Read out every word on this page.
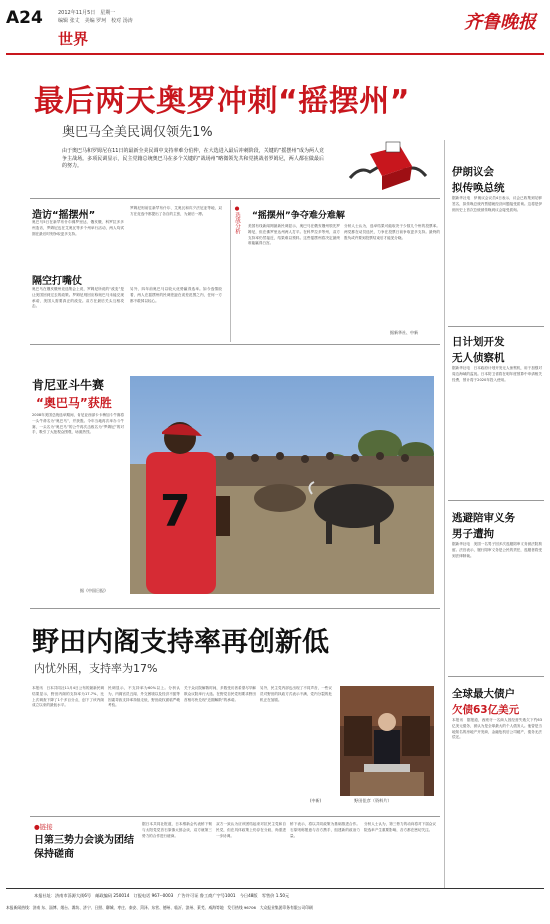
A24	2012年11月5日　星期一
编辑 张丈　美编 罗珂　校对 汤涛
世界
齐鲁晚报
最后两天奥罗冲刺“摇摆州”
奥巴马全美民调仅领先1%
由于奥巴马和罗姆尼在11日的最新全美民调中支持率难分伯仲，在大选进入最后冲刺阶段，关键的“摇摆州”成为两人竞争主战场。多项民调显示，民主党籍总统奥巴马在多个关键的“战场州”略微领先共和党挑战者罗姆尼，两人都在做最后的努力。
造访“摇摆州”
奥巴马5日在新罕布什尔佛罗里达、俄亥俄、科罗拉多多州造访，罗姆尼也在艾奥瓦等多个州举行活动，两人均试图在最后时刻争取更多支持。
罗姆尼则前往新罕布什尔、艾奥瓦和宾夕法尼亚等地，双方在竞选中都提出了各自的主张，为最后一搏。
隔空打嘴仗
奥巴马在俄亥俄州竞选集会上说，罗姆尼所说的“改变”是让美国回到过去的政策。罗姆尼则回应称奥巴马未能兑现承诺，美国人需要真正的改变。双方在最后关头互相攻击。
另外，四年前奥巴马以较大优势赢得选举。如今选情胶着，两人在摇摆州的民调差距在误差范围之内，任何一方都不敢掉以轻心。
●选战分析 “摇摆州”争夺难分难解
美国有线新闻网最新民调显示，奥巴马在俄亥俄州领先罗姆尼，但在佛罗里达州两人打平。在科罗拉多等州，双方支持率仍然接近，结果难以预料。这些摇摆州将决定最终谁能赢得白宫。
分析人士认为，选举结果可能取决于少数几个州的投票率。两党都在动员选民，力争在投票日前争取更多支持。最终的胜负或许要到投票结束后才能见分晓。
据新华社、中新
肯尼亚斗牛赛
“奥巴马”获胜
2008年美国总统选举期间，肯尼亚西部卡卡梅加斗牛赛将一头牛命名为“奥巴马”，并获胜。今年当地再次举办斗牛赛，一头名为“奥巴马”的公牛再次击败名为“罗姆尼”的对手，吸引了大批观众围观，场面热烈。
据《中国日报》
7
野田内阁支持率再创新低
内忧外困，支持率为17%
本报讯　日本共同社11月4日公布的最新民调结果显示，野田内阁的支持率为17.7%，比上次调查下降了1个多百分点，创下了该内阁成立以来的最低水平。
民调显示，不支持率为60%以上。分析认为，内阁官员丑闻、外交困境以及经济不振等因素导致支持率持续走低，野田政权面临严峻考验。
关于众议院解散时间，多数受访者希望尽早解散众议院举行大选。在野党自民党则要求野田首相尽快兑现“近期解散”的承诺。
另外，民主党内部也出现了不同声音，一些议员对野田的执政方式表示不满，党内分裂的危机正在加剧。
(中新)	野田佳彦（资料片）
●链接
日第三势力会谈为团结保持磋商
据日本共同社报道，日本维新会代表桥下彻与太阳党党首石原慎太郎会谈，双方就第三势力的合作进行磋商。
双方一致认为应该团结起来对抗民主党和自民党，但在具体政策上仍存在分歧，尚需进一步协调。
桥下表示，将以共同政策为基础推进合作。石原则称愿意与各方携手，组建新的政治力量。
分析人士认为，第三势力的动向将对下届众议院选举产生重要影响，各方都在密切关注。
伊朗议会
拟传唤总统
据新华社电　伊朗议会议员4日表示，议会已收集到足够签名，拟传唤总统内贾德就经济问题接受质询。这将是伊朗历史上首次总统被传唤到议会接受质询。
日计划开发
无人侦察机
据新华社电　日本政府计划开发无人侦察机，用于加强对周边海域的监视。日本防卫省将在明年度预算中申请相关经费，预计将于2020年投入使用。
逃避陪审义务
男子遭拘
据新华社电　美国一名男子因多次逃避陪审义务被法院拘留。法官表示，履行陪审义务是公民的责任，逃避者将受到法律制裁。
全球最大债户
欠债63亿美元
本报讯　据报道，西班牙一名商人因经营失败欠下约63亿美元债务，被认为是全球最大的个人债务人。他曾是当地知名的房地产开发商，金融危机后公司破产，债务无法偿还。
本报社址：济南市泺源大街6号　邮政编码 250014　订报电话 967--0003　广告许可证 鲁工商广字号1001　今日48版　零售价 1.50元
本报新闻热线：济南 东、淄博、烟台、潍坊、济宁、日照、聊城、枣庄、泰安、菏泽、东营、德州、临沂、滨州、莱芜、威海等地　发行热线 96706　大众报业集团印务有限公司印刷
